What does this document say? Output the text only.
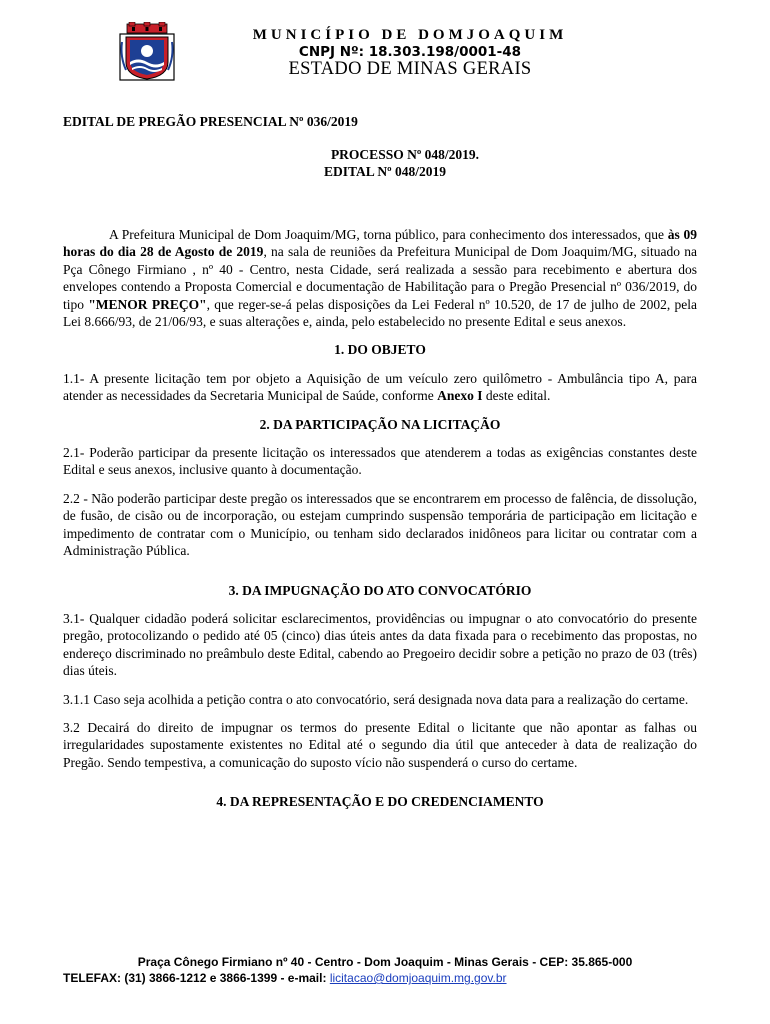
MUNICÍPIO DE DOMJOAQUIM
CNPJ Nº: 18.303.198/0001-48
ESTADO DE MINAS GERAIS
EDITAL DE PREGÃO PRESENCIAL Nº 036/2019
PROCESSO Nº 048/2019.
EDITAL Nº 048/2019

A Prefeitura Municipal de Dom Joaquim/MG, torna público, para conhecimento dos interessados, que às 09 horas do dia 28 de Agosto de 2019, na sala de reuniões da Prefeitura Municipal de Dom Joaquim/MG, situado na Pça Cônego Firmiano , nº 40 - Centro, nesta Cidade, será realizada a sessão para recebimento e abertura dos envelopes contendo a Proposta Comercial e documentação de Habilitação para o Pregão Presencial nº 036/2019, do tipo "MENOR PREÇO", que reger-se-á pelas disposições da Lei Federal nº 10.520, de 17 de julho de 2002, pela Lei 8.666/93, de 21/06/93, e suas alterações e, ainda, pelo estabelecido no presente Edital e seus anexos.

1. DO OBJETO

1.1- A presente licitação tem por objeto a Aquisição de um veículo zero quilômetro - Ambulância tipo A, para atender as necessidades da Secretaria Municipal de Saúde, conforme Anexo I deste edital.

2. DA PARTICIPAÇÃO NA LICITAÇÃO

2.1- Poderão participar da presente licitação os interessados que atenderem a todas as exigências constantes deste Edital e seus anexos, inclusive quanto à documentação.

2.2 - Não poderão participar deste pregão os interessados que se encontrarem em processo de falência, de dissolução, de fusão, de cisão ou de incorporação, ou estejam cumprindo suspensão temporária de participação em licitação e impedimento de contratar com o Município, ou tenham sido declarados inidôneos para licitar ou contratar com a Administração Pública.

3. DA IMPUGNAÇÃO DO ATO CONVOCATÓRIO

3.1- Qualquer cidadão poderá solicitar esclarecimentos, providências ou impugnar o ato convocatório do presente pregão, protocolizando o pedido até 05 (cinco) dias úteis antes da data fixada para o recebimento das propostas, no endereço discriminado no preâmbulo deste Edital, cabendo ao Pregoeiro decidir sobre a petição no prazo de 03 (três) dias úteis.

3.1.1 Caso seja acolhida a petição contra o ato convocatório, será designada nova data para a realização do certame.

3.2 Decairá do direito de impugnar os termos do presente Edital o licitante que não apontar as falhas ou irregularidades supostamente existentes no Edital até o segundo dia útil que anteceder à data de realização do Pregão. Sendo tempestiva, a comunicação do suposto vício não suspenderá o curso do certame.

4. DA REPRESENTAÇÃO E DO CREDENCIAMENTO
Praça Cônego Firmiano nº 40 - Centro - Dom Joaquim - Minas Gerais - CEP: 35.865-000
TELEFAX: (31) 3866-1212 e 3866-1399 - e-mail: licitacao@domjoaquim.mg.gov.br
